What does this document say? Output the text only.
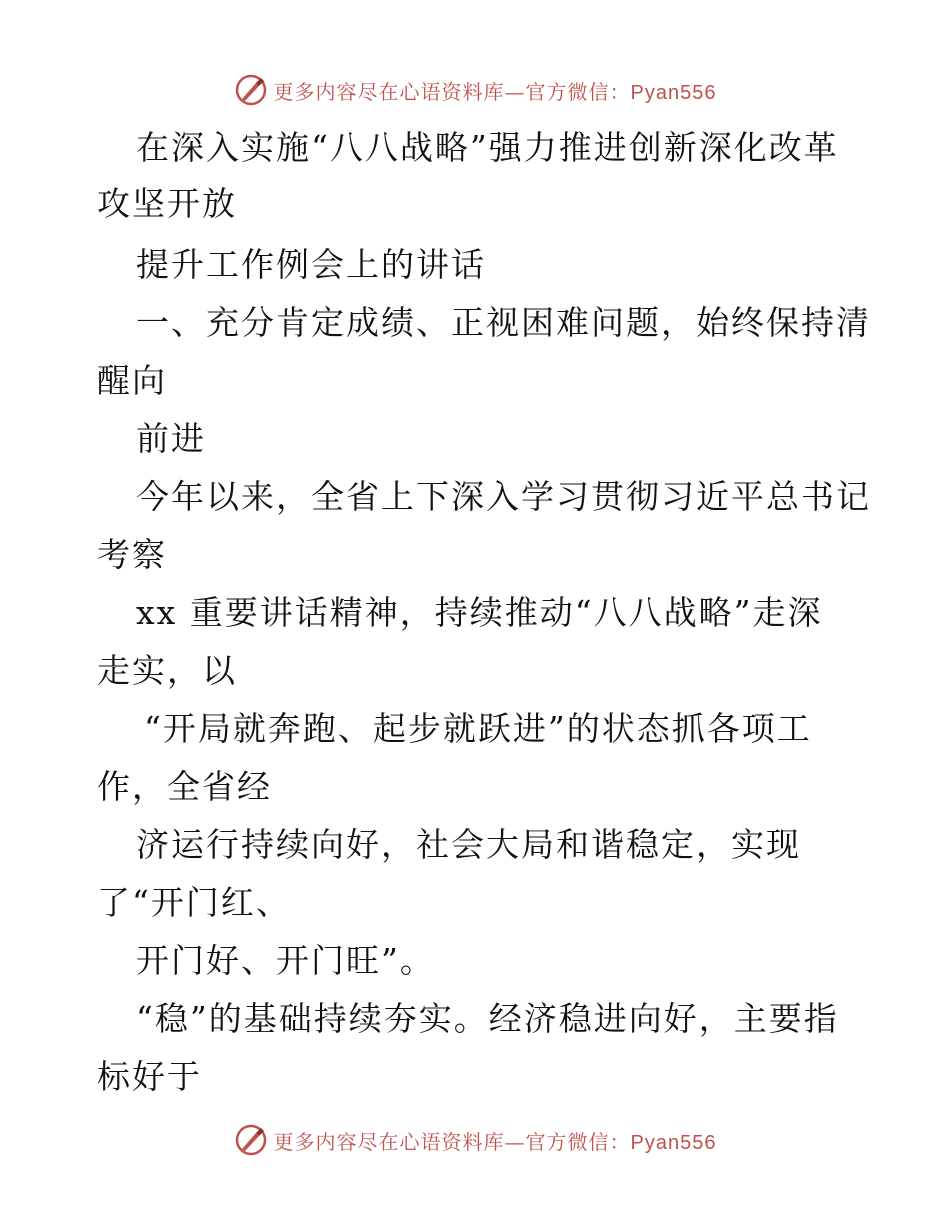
更多内容尽在心语资料库—官方微信：Pyan556
在深入实施“八八战略”强力推进创新深化改革
攻坚开放
提升工作例会上的讲话
一、充分肯定成绩、正视困难问题，始终保持清
醒向
前进
今年以来，全省上下深入学习贯彻习近平总书记
考察
xx 重要讲话精神，持续推动“八八战略”走深
走实，以
“开局就奔跑、起步就跃进”的状态抓各项工
作，全省经
济运行持续向好，社会大局和谐稳定，实现
了“开门红、
开门好、开门旺”。
“稳”的基础持续夯实。经济稳进向好，主要指
标好于
更多内容尽在心语资料库—官方微信：Pyan556
